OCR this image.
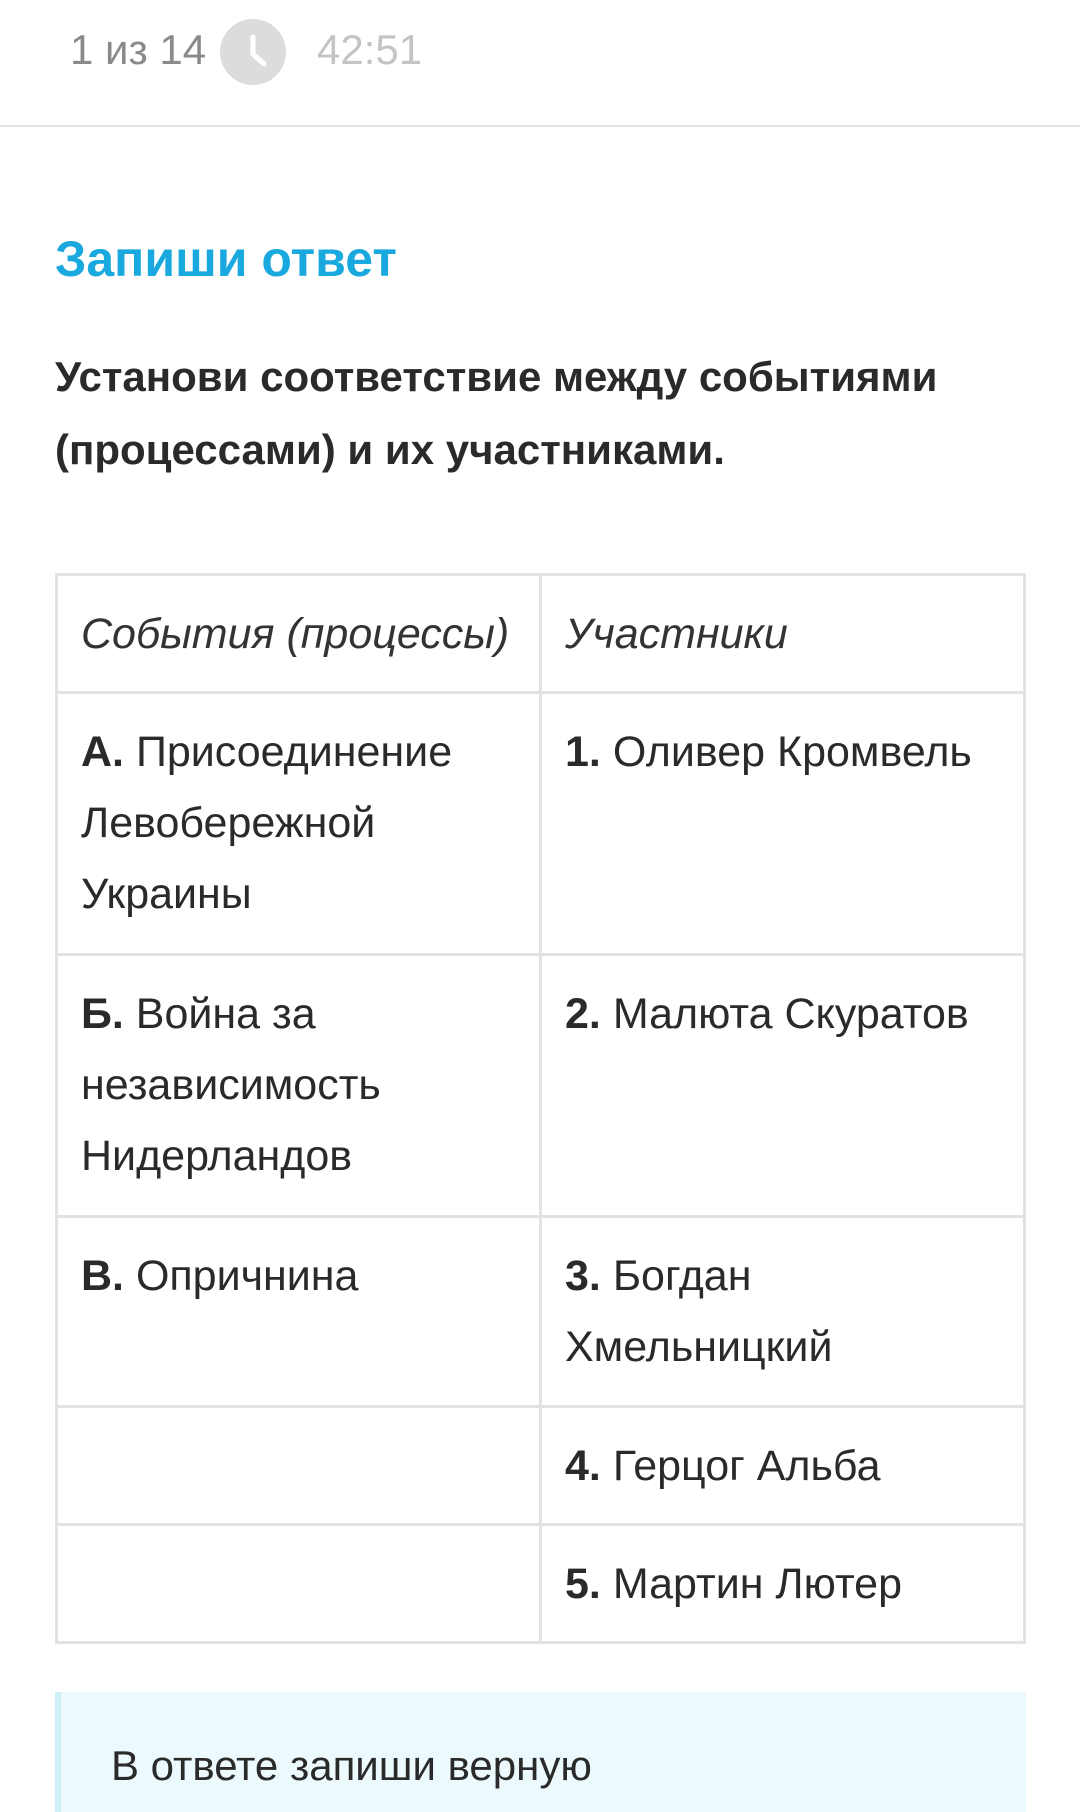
1 из 14	42:51
Запиши ответ
Установи соответствие между событиями (процессами) и их участниками.
События (процессы)	Участники
А. Присоединение Левобережной Украины	1. Оливер Кромвель
Б. Война за независимость Нидерландов	2. Малюта Скуратов
В. Опричнина	3. Богдан Хмельницкий
	4. Герцог Альба
	5. Мартин Лютер
В ответе запиши верную
